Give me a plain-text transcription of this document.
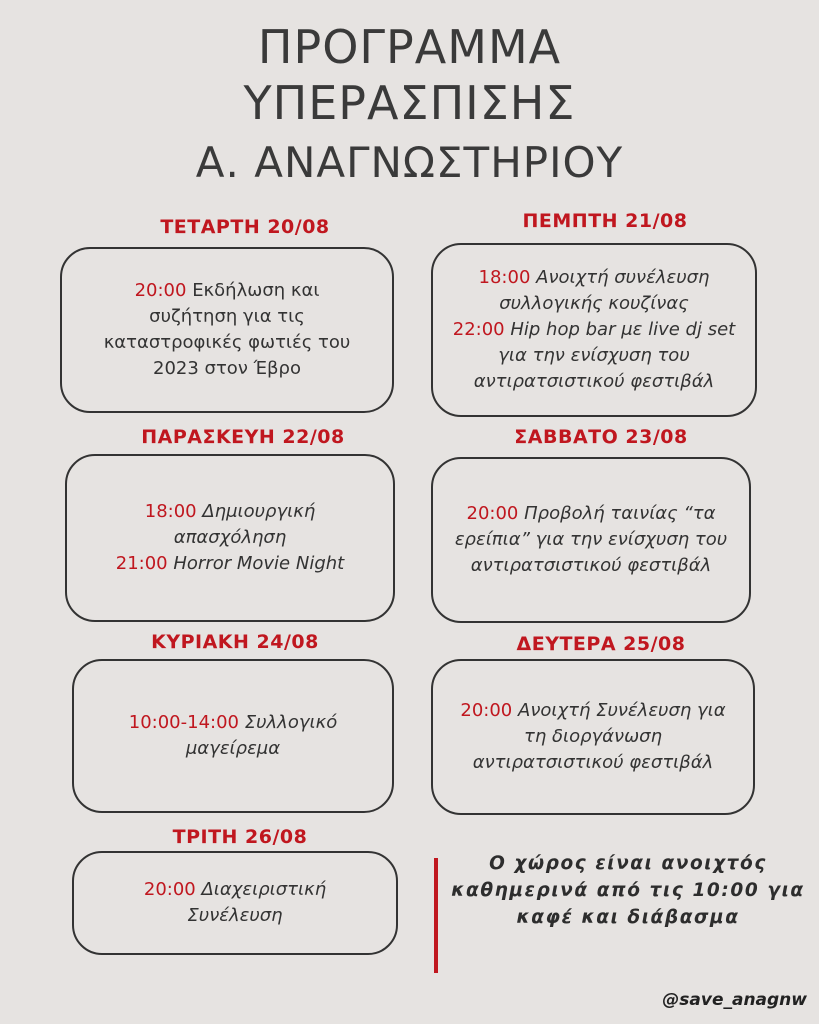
ΠΡΟΓΡΑΜΜΑ
ΥΠΕΡΑΣΠΙΣΗΣ
Α. ΑΝΑΓΝΩΣΤΗΡΙΟΥ
ΤΕΤΑΡΤΗ 20/08
20:00 Εκδήλωση και συζήτηση για τις καταστροφικές φωτιές του 2023 στον Έβρο
ΠΕΜΠΤΗ 21/08
18:00 Ανοιχτή συνέλευση συλλογικής κουζίνας
22:00 Hip hop bar με live dj set για την ενίσχυση του αντιρατσιστικού φεστιβάλ
ΠΑΡΑΣΚΕΥΗ 22/08
18:00 Δημιουργική απασχόληση
21:00 Horror Movie Night
ΣΑΒΒΑΤΟ 23/08
20:00 Προβολή ταινίας “τα ερείπια” για την ενίσχυση του αντιρατσιστικού φεστιβάλ
ΚΥΡΙΑΚΗ 24/08
10:00-14:00 Συλλογικό μαγείρεμα
ΔΕΥΤΕΡΑ 25/08
20:00 Ανοιχτή Συνέλευση για τη διοργάνωση αντιρατσιστικού φεστιβάλ
ΤΡΙΤΗ 26/08
20:00 Διαχειριστική Συνέλευση
Ο χώρος είναι ανοιχτός καθημερινά από τις 10:00 για καφέ και διάβασμα
@save_anagnw
